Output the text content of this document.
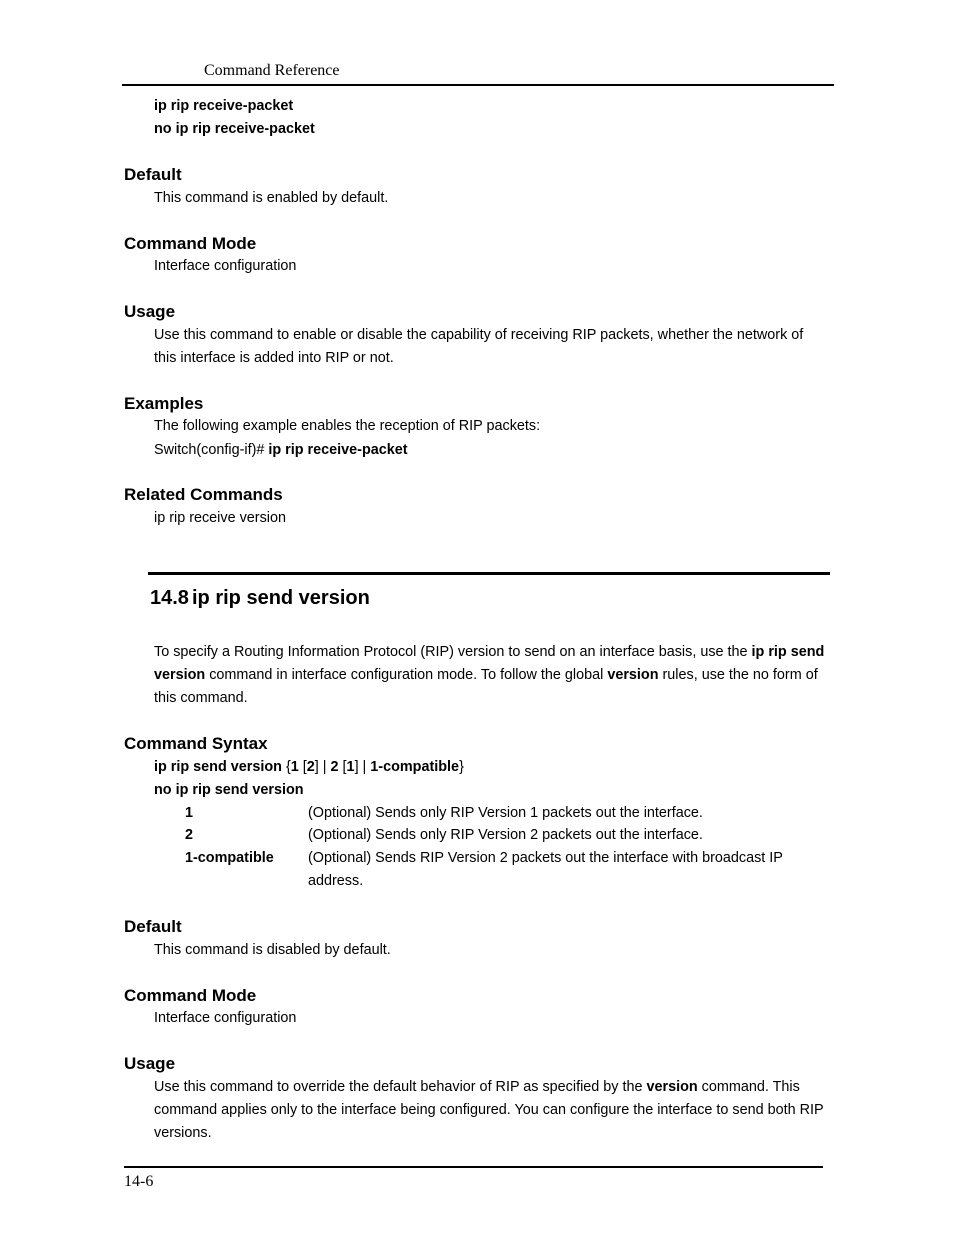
Command Reference
ip rip receive-packet
no ip rip receive-packet
Default
This command is enabled by default.
Command Mode
Interface configuration
Usage
Use this command to enable or disable the capability of receiving RIP packets, whether the network of this interface is added into RIP or not.
Examples
The following example enables the reception of RIP packets:
Switch(config-if)# ip rip receive-packet
Related Commands
ip rip receive version
14.8 ip rip send version
To specify a Routing Information Protocol (RIP) version to send on an interface basis, use the ip rip send version command in interface configuration mode. To follow the global version rules, use the no form of this command.
Command Syntax
ip rip send version {1 [2] | 2 [1] | 1-compatible}
no ip rip send version
1	(Optional) Sends only RIP Version 1 packets out the interface.
2	(Optional) Sends only RIP Version 2 packets out the interface.
1-compatible (Optional) Sends RIP Version 2 packets out the interface with broadcast IP address.
Default
This command is disabled by default.
Command Mode
Interface configuration
Usage
Use this command to override the default behavior of RIP as specified by the version command. This command applies only to the interface being configured. You can configure the interface to send both RIP versions.
14-6
